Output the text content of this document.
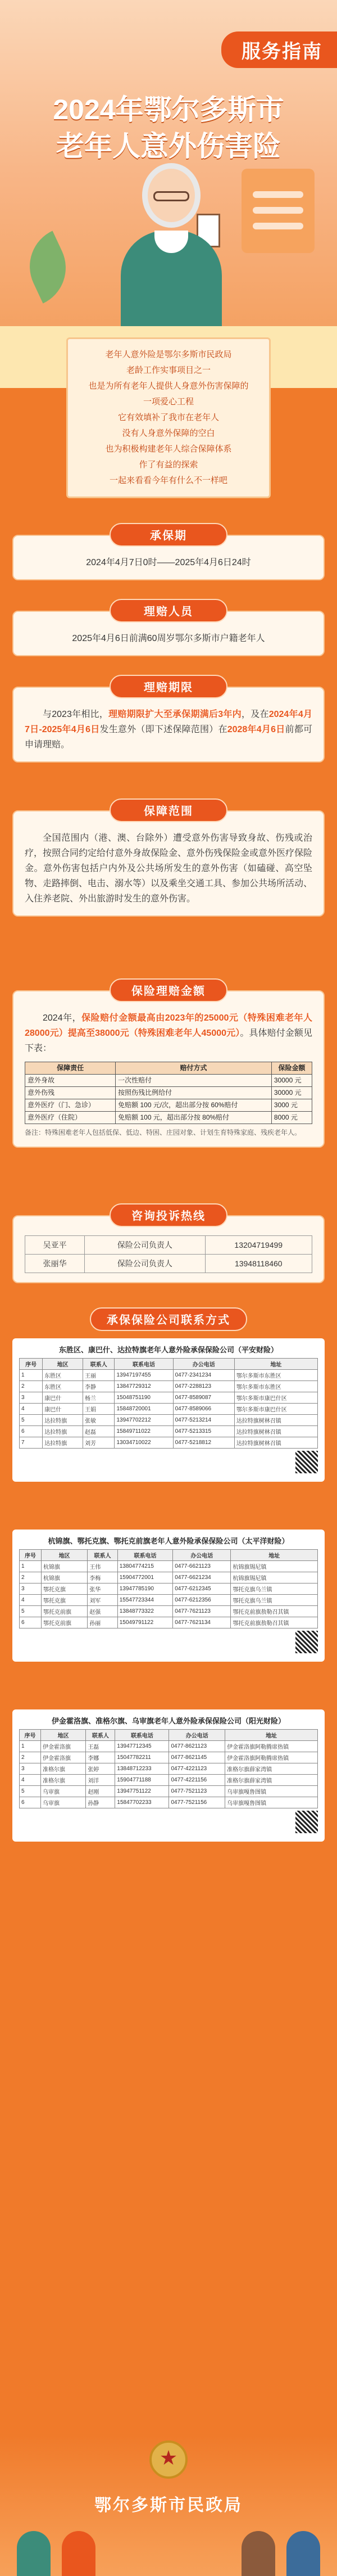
服务指南
2024年鄂尔多斯市
老年人意外伤害险
老年人意外险是鄂尔多斯市民政局
老龄工作实事项目之一
也是为所有老年人提供人身意外伤害保障的
一项爱心工程
它有效填补了我市在老年人
没有人身意外保障的空白
也为积极构建老年人综合保障体系
作了有益的探索
一起来看看今年有什么不一样吧
承保期

2024年4月7日0时——2025年4月6日24时

理赔人员

2025年4月6日前满60周岁鄂尔多斯市户籍老年人

理赔期限

与2023年相比，理赔期限扩大至承保期满后3年内，及在2024年4月7日-2025年4月6日发生意外（即下述保障范围）在2028年4月6日前都可申请理赔。

保障范围

全国范围内（港、澳、台除外）遭受意外伤害导致身故、伤残或治疗，按照合同约定给付意外身故保险金、意外伤残保险金或意外医疗保险金。意外伤害包括户内外及公共场所发生的意外伤害（如磕碰、高空坠物、走路摔倒、电击、溺水等）以及乘坐交通工具、参加公共场所活动、入住养老院、外出旅游时发生的意外伤害。

保险理赔金额

2024年，保险赔付金额最高由2023年的25000元（特殊困难老年人28000元）提高至38000元（特殊困难老年人45000元）。具体赔付金额见下表：

保障责任	赔付方式	保险金额
意外身故	一次性赔付	30000 元
意外伤残	按照伤残比例给付	30000 元
意外医疗（门、急诊）	免赔额 100 元/次，超出部分按 60%赔付	3000 元
意外医疗（住院）	免赔额 100 元，超出部分按 80%赔付	8000 元

备注：特殊困难老年人包括低保、低边、特困、庄园对象、计划生育特殊家庭、残疾老年人。

咨询投诉热线
吴亚平	保险公司负责人	13204719499
张丽华	保险公司负责人	13948118460
承保保险公司联系方式
东胜区、康巴什、达拉特旗老年人意外险承保保险公司（平安财险）
序号	地区	联系人	联系电话	办公电话	地址
1	东胜区	王丽	13947197455	0477-2341234	鄂尔多斯市东胜区
2	东胜区	李静	13847729312	0477-2288123	鄂尔多斯市东胜区
3	康巴什	杨兰	15048751190	0477-8589087	鄂尔多斯市康巴什区
4	康巴什	王娟	15848720001	0477-8589066	鄂尔多斯市康巴什区
5	达拉特旗	张敏	13947702212	0477-5213214	达拉特旗树林召镇
6	达拉特旗	赵磊	15849711022	0477-5213315	达拉特旗树林召镇
7	达拉特旗	刘芳	13034710022	0477-5218812	达拉特旗树林召镇
杭锦旗、鄂托克旗、鄂托克前旗老年人意外险承保保险公司（太平洋财险）
序号	地区	联系人	联系电话	办公电话	地址
1	杭锦旗	王伟	13804774215	0477-6621123	杭锦旗锡尼镇
2	杭锦旗	李梅	15904772001	0477-6621234	杭锦旗锡尼镇
3	鄂托克旗	张华	13947785190	0477-6212345	鄂托克旗乌兰镇
4	鄂托克旗	刘军	15547723344	0477-6212356	鄂托克旗乌兰镇
5	鄂托克前旗	赵强	13848773322	0477-7621123	鄂托克前旗敖勒召其镇
6	鄂托克前旗	孙丽	15049791122	0477-7621134	鄂托克前旗敖勒召其镇
伊金霍洛旗、准格尔旗、乌审旗老年人意外险承保保险公司（阳光财险）
序号	地区	联系人	联系电话	办公电话	地址
1	伊金霍洛旗	王磊	13947712345	0477-8621123	伊金霍洛旗阿勒腾席热镇
2	伊金霍洛旗	李娜	15047782211	0477-8621145	伊金霍洛旗阿勒腾席热镇
3	准格尔旗	张婷	13848712233	0477-4221123	准格尔旗薛家湾镇
4	准格尔旗	刘洋	15904771188	0477-4221156	准格尔旗薛家湾镇
5	乌审旗	赵刚	13947751122	0477-7521123	乌审旗嘎鲁图镇
6	乌审旗	孙静	15847702233	0477-7521156	乌审旗嘎鲁图镇
★
鄂尔多斯市民政局
